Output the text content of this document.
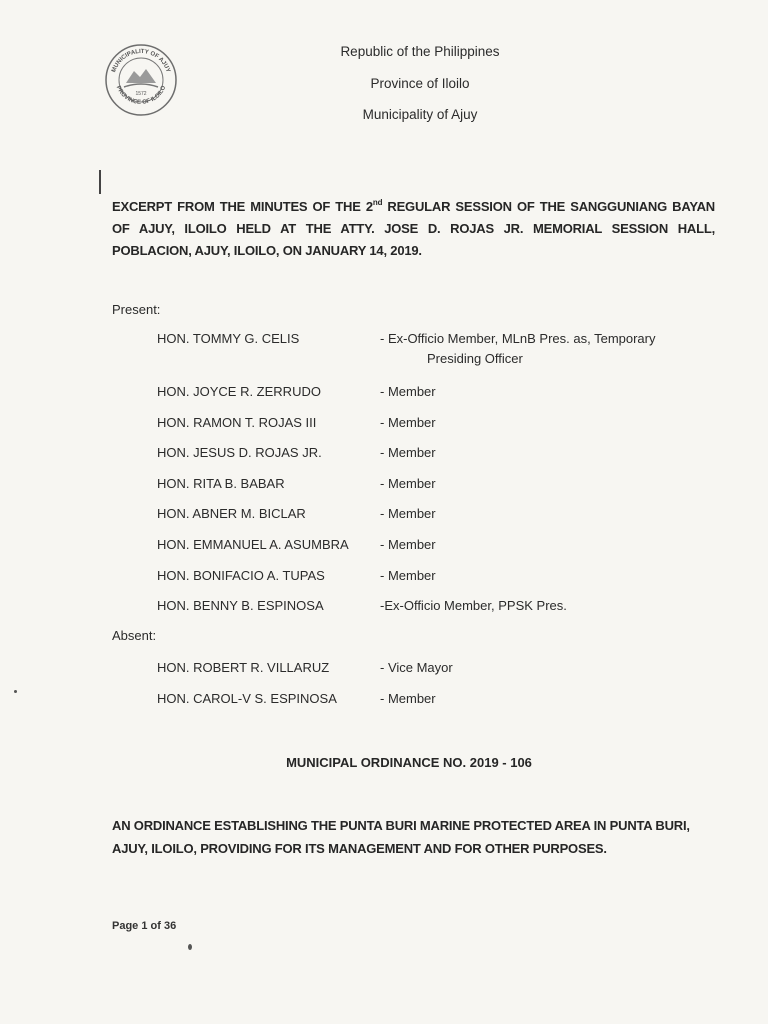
MUNICIPALITY OF AJUY
PROVINCE OF ILOILO
1572
Republic of the Philippines
Province of Iloilo
Municipality of Ajuy
EXCERPT FROM THE MINUTES OF THE 2nd REGULAR SESSION OF THE SANGGUNIANG BAYAN OF AJUY, ILOILO HELD AT THE ATTY. JOSE D. ROJAS JR. MEMORIAL SESSION HALL, POBLACION, AJUY, ILOILO, ON JANUARY 14, 2019.
Present:
HON. TOMMY G. CELIS	- Ex-Officio Member, MLnB Pres. as, Temporary
Presiding Officer
HON. JOYCE R. ZERRUDO	- Member
HON. RAMON T. ROJAS III	- Member
HON. JESUS D. ROJAS JR.	- Member
HON. RITA B. BABAR	- Member
HON. ABNER M. BICLAR	- Member
HON. EMMANUEL A. ASUMBRA - Member
HON. BONIFACIO A. TUPAS	- Member
HON. BENNY B. ESPINOSA	-Ex-Officio Member, PPSK Pres.
Absent:
HON. ROBERT R. VILLARUZ	- Vice Mayor
HON. CAROL-V S. ESPINOSA	- Member
MUNICIPAL ORDINANCE NO. 2019 - 106
AN ORDINANCE ESTABLISHING THE PUNTA BURI MARINE PROTECTED AREA IN PUNTA BURI, AJUY, ILOILO, PROVIDING FOR ITS MANAGEMENT AND FOR OTHER PURPOSES.
Page 1 of 36
